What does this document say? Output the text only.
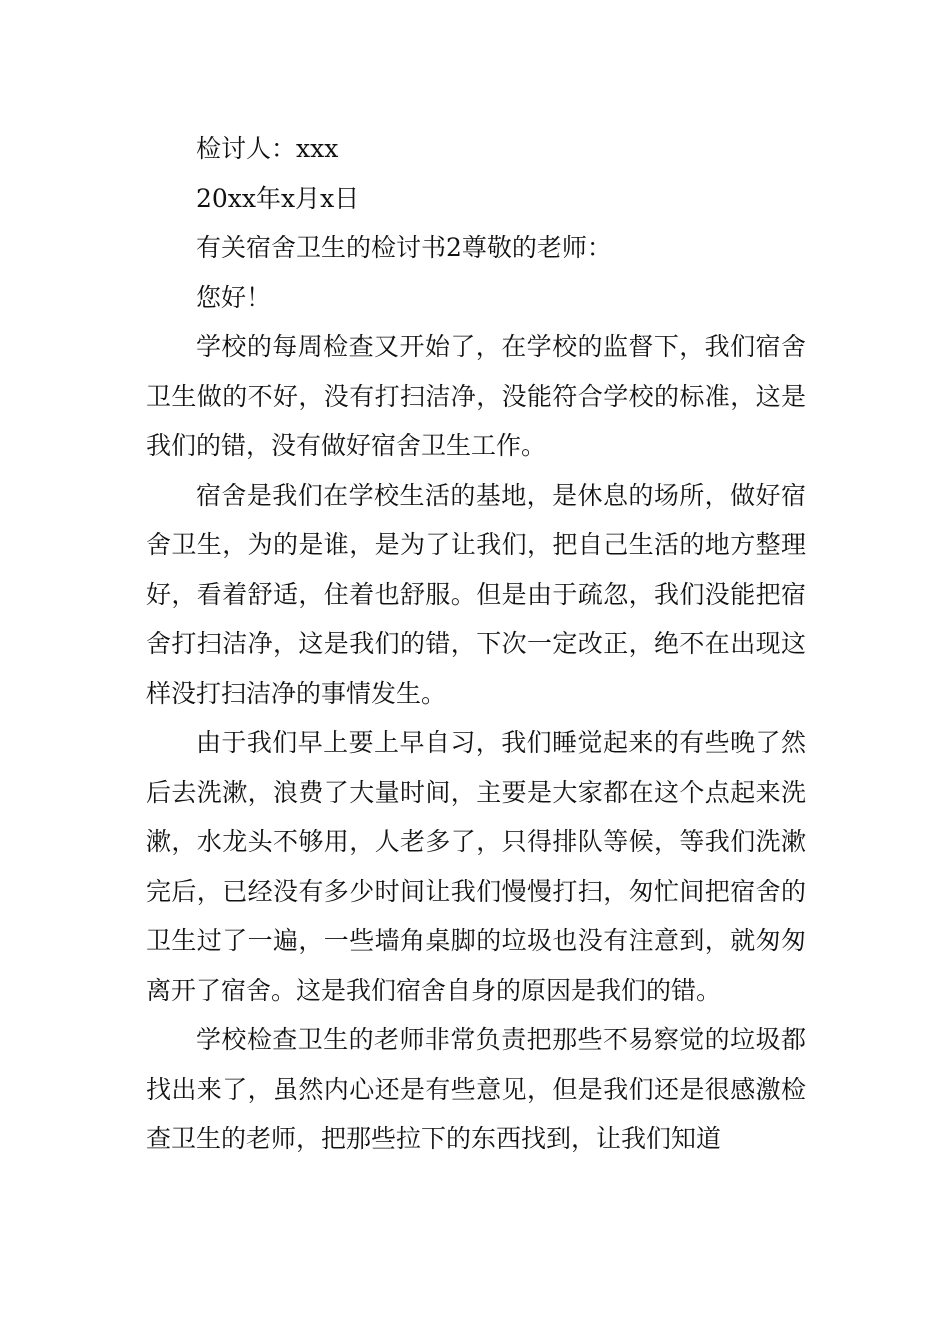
检讨人：xxx

20xx年x月x日

有关宿舍卫生的检讨书2尊敬的老师：

您好！

学校的每周检查又开始了，在学校的监督下，我们宿舍卫生做的不好，没有打扫洁净，没能符合学校的标准，这是我们的错，没有做好宿舍卫生工作。

宿舍是我们在学校生活的基地，是休息的场所，做好宿舍卫生，为的是谁，是为了让我们，把自己生活的地方整理好，看着舒适，住着也舒服。但是由于疏忽，我们没能把宿舍打扫洁净，这是我们的错，下次一定改正，绝不在出现这样没打扫洁净的事情发生。

由于我们早上要上早自习，我们睡觉起来的有些晚了然后去洗漱，浪费了大量时间，主要是大家都在这个点起来洗漱，水龙头不够用，人老多了，只得排队等候，等我们洗漱完后，已经没有多少时间让我们慢慢打扫，匆忙间把宿舍的卫生过了一遍，一些墙角桌脚的垃圾也没有注意到，就匆匆离开了宿舍。这是我们宿舍自身的原因是我们的错。

学校检查卫生的老师非常负责把那些不易察觉的垃圾都找出来了，虽然内心还是有些意见，但是我们还是很感激检查卫生的老师，把那些拉下的东西找到，让我们知道
